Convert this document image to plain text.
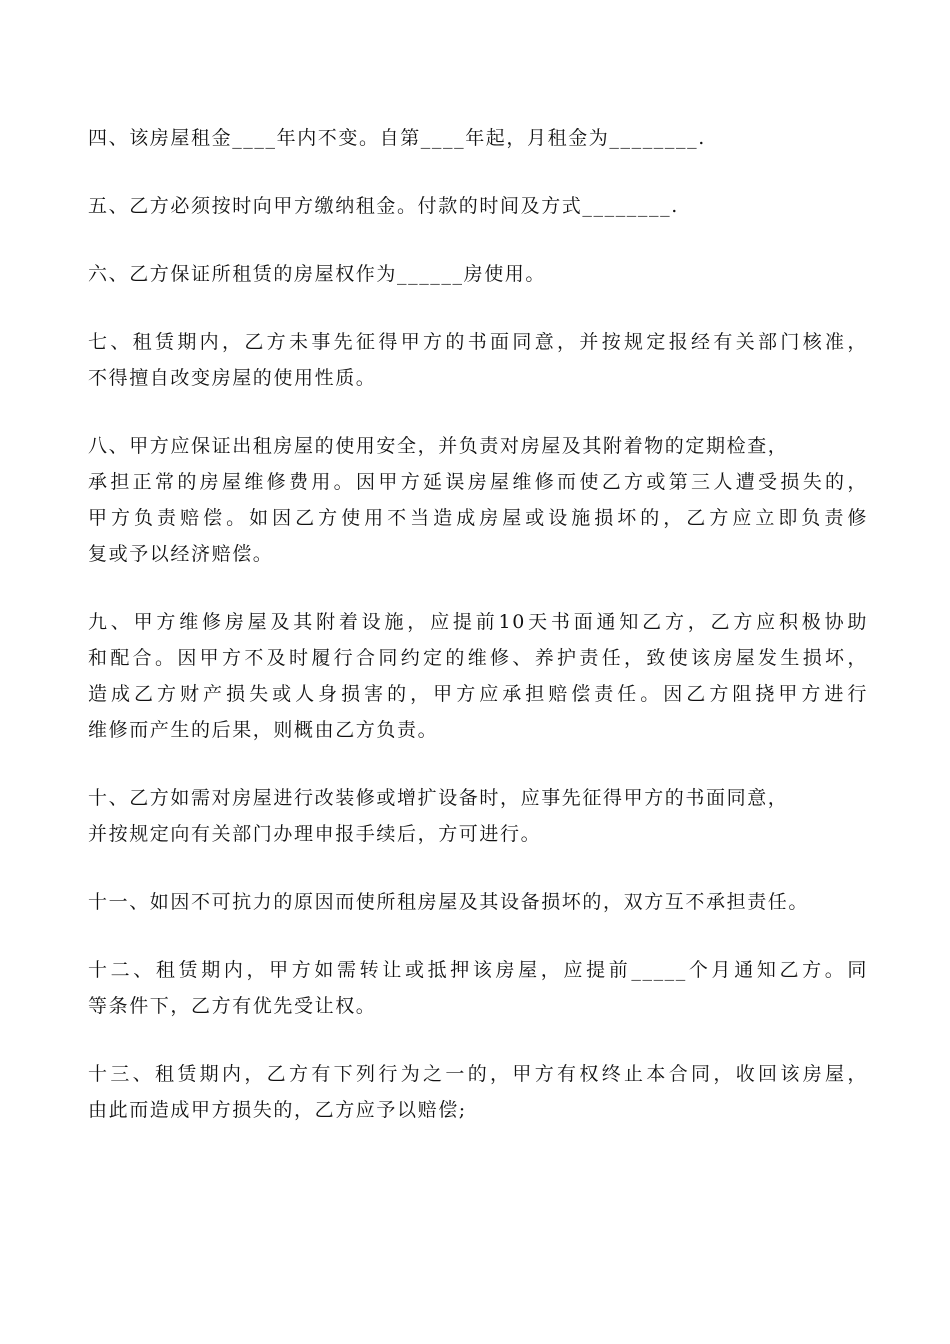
四、该房屋租金____年内不变。自第____年起，月租金为________.
五、乙方必须按时向甲方缴纳租金。付款的时间及方式________.
六、乙方保证所租赁的房屋权作为______房使用。
七、租赁期内，乙方未事先征得甲方的书面同意，并按规定报经有关部门核准，
不得擅自改变房屋的使用性质。
八、甲方应保证出租房屋的使用安全，并负责对房屋及其附着物的定期检查，
承担正常的房屋维修费用。因甲方延误房屋维修而使乙方或第三人遭受损失的，
甲方负责赔偿。如因乙方使用不当造成房屋或设施损坏的，乙方应立即负责修
复或予以经济赔偿。
九、甲方维修房屋及其附着设施，应提前10天书面通知乙方，乙方应积极协助
和配合。因甲方不及时履行合同约定的维修、养护责任，致使该房屋发生损坏，
造成乙方财产损失或人身损害的，甲方应承担赔偿责任。因乙方阻挠甲方进行
维修而产生的后果，则概由乙方负责。
十、乙方如需对房屋进行改装修或增扩设备时，应事先征得甲方的书面同意，
并按规定向有关部门办理申报手续后，方可进行。
十一、如因不可抗力的原因而使所租房屋及其设备损坏的，双方互不承担责任。
十二、租赁期内，甲方如需转让或抵押该房屋，应提前_____个月通知乙方。同
等条件下，乙方有优先受让权。
十三、租赁期内，乙方有下列行为之一的，甲方有权终止本合同，收回该房屋，
由此而造成甲方损失的，乙方应予以赔偿;
